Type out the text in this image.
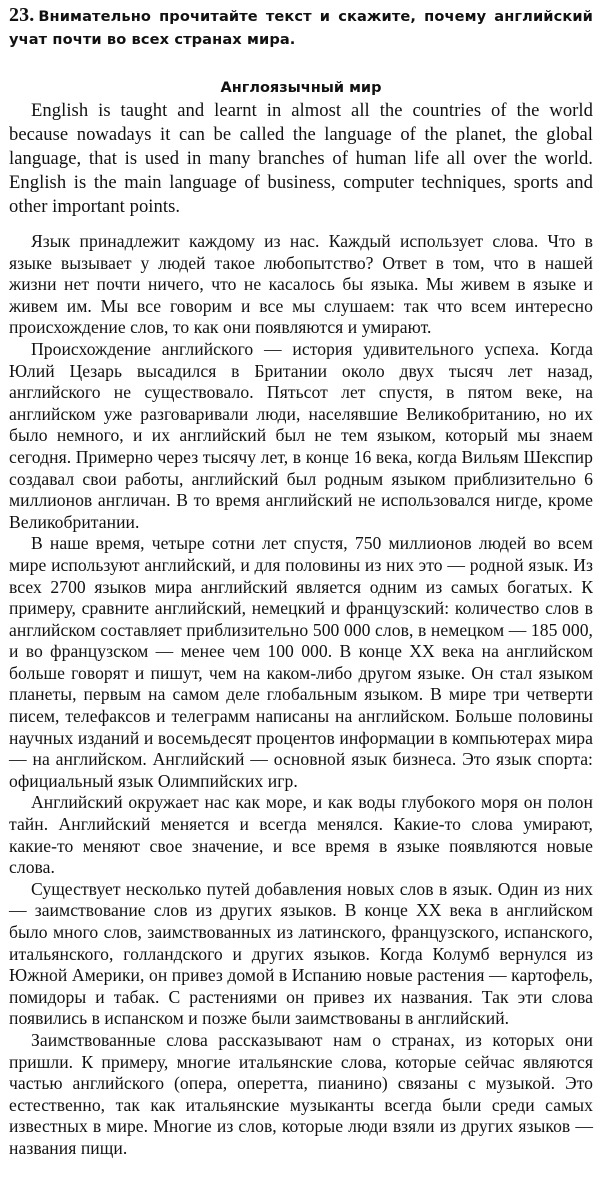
23. Внимательно прочитайте текст и скажите, почему английский учат почти во всех странах мира.

Англоязычный мир

English is taught and learnt in almost all the countries of the world because nowadays it can be called the language of the planet, the global language, that is used in many branches of human life all over the world. English is the main language of business, computer techniques, sports and other important points.

Язык принадлежит каждому из нас. Каждый использует слова. Что в языке вызывает у людей такое любопытство? Ответ в том, что в нашей жизни нет почти ничего, что не касалось бы языка. Мы живем в языке и живем им. Мы все говорим и все мы слушаем: так что всем интересно происхождение слов, то как они появляются и умирают.

Происхождение английского — история удивительного успеха. Когда Юлий Цезарь высадился в Британии около двух тысяч лет назад, английского не существовало. Пятьсот лет спустя, в пятом веке, на английском уже разговаривали люди, населявшие Великобританию, но их было немного, и их английский был не тем языком, который мы знаем сегодня. Примерно через тысячу лет, в конце 16 века, когда Вильям Шекспир создавал свои работы, английский был родным языком приблизительно 6 миллионов англичан. В то время английский не использовался нигде, кроме Великобритании.

В наше время, четыре сотни лет спустя, 750 миллионов людей во всем мире используют английский, и для половины из них это — родной язык. Из всех 2700 языков мира английский является одним из самых богатых. К примеру, сравните английский, немецкий и французский: количество слов в английском составляет приблизительно 500 000 слов, в немецком — 185 000, и во французском — менее чем 100 000. В конце XX века на английском больше говорят и пишут, чем на каком-либо другом языке. Он стал языком планеты, первым на самом деле глобальным языком. В мире три четверти писем, телефаксов и телеграмм написаны на английском. Больше половины научных изданий и восемьдесят процентов информации в компьютерах мира — на английском. Английский — основной язык бизнеса. Это язык спорта: официальный язык Олимпийских игр.

Английский окружает нас как море, и как воды глубокого моря он полон тайн. Английский меняется и всегда менялся. Какие-то слова умирают, какие-то меняют свое значение, и все время в языке появляются новые слова.

Существует несколько путей добавления новых слов в язык. Один из них — заимствование слов из других языков. В конце XX века в английском было много слов, заимствованных из латинского, французского, испанского, итальянского, голландского и других языков. Когда Колумб вернулся из Южной Америки, он привез домой в Испанию новые растения — картофель, помидоры и табак. С растениями он привез их названия. Так эти слова появились в испанском и позже были заимствованы в английский.

Заимствованные слова рассказывают нам о странах, из которых они пришли. К примеру, многие итальянские слова, которые сейчас являются частью английского (опера, оперетта, пианино) связаны с музыкой. Это естественно, так как итальянские музыканты всегда были среди самых известных в мире. Многие из слов, которые люди взяли из других языков — названия пищи.
